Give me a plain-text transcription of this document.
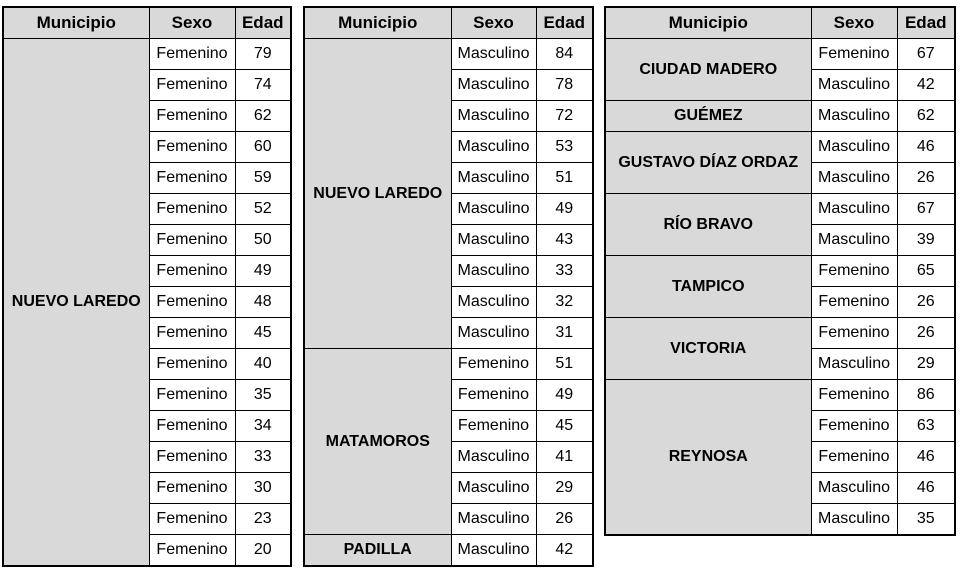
Municipio	Sexo	Edad
NUEVO LAREDO	Femenino	79
	Femenino	74
	Femenino	62
	Femenino	60
	Femenino	59
	Femenino	52
	Femenino	50
	Femenino	49
	Femenino	48
	Femenino	45
	Femenino	40
	Femenino	35
	Femenino	34
	Femenino	33
	Femenino	30
	Femenino	23
	Femenino	20
Municipio	Sexo	Edad
NUEVO LAREDO	Masculino	84
	Masculino	78
	Masculino	72
	Masculino	53
	Masculino	51
	Masculino	49
	Masculino	43
	Masculino	33
	Masculino	32
	Masculino	31
MATAMOROS	Femenino	51
	Femenino	49
	Femenino	45
	Masculino	41
	Masculino	29
	Masculino	26
PADILLA	Masculino	42
Municipio	Sexo	Edad
CIUDAD MADERO	Femenino	67
	Masculino	42
GUÉMEZ	Masculino	62
GUSTAVO DÍAZ ORDAZ	Masculino	46
	Masculino	26
RÍO BRAVO	Masculino	67
	Masculino	39
TAMPICO	Femenino	65
	Femenino	26
VICTORIA	Femenino	26
	Masculino	29
REYNOSA	Femenino	86
	Femenino	63
	Femenino	46
	Masculino	46
	Masculino	35
